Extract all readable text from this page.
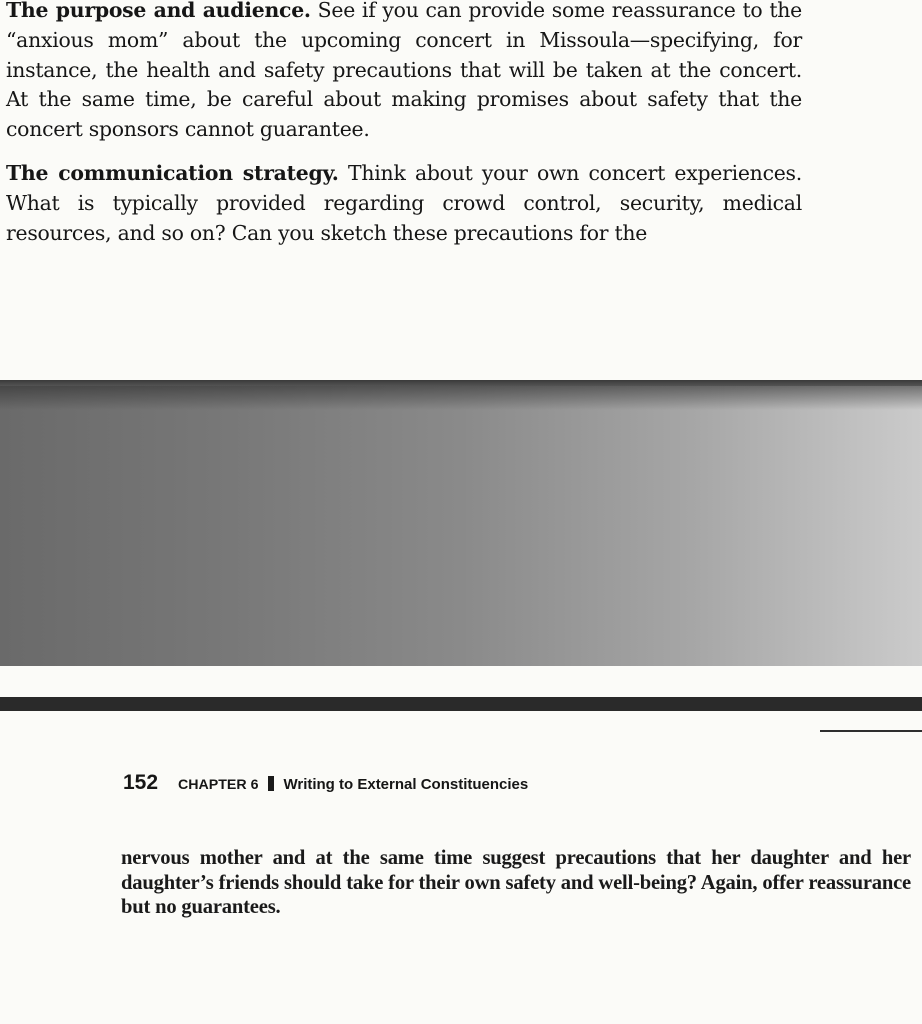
The purpose and audience. See if you can provide some reassurance to the “anxious mom” about the upcoming concert in Missoula—specifying, for instance, the health and safety precautions that will be taken at the concert. At the same time, be careful about making promises about safety that the concert sponsors cannot guarantee.

The communication strategy. Think about your own concert experiences. What is typically provided regarding crowd control, security, medical resources, and so on? Can you sketch these precautions for the

152 CHAPTER 6 Writing to External Constituencies

nervous mother and at the same time suggest precautions that her daughter and her daughter’s friends should take for their own safety and well-being? Again, offer reassurance but no guarantees.
